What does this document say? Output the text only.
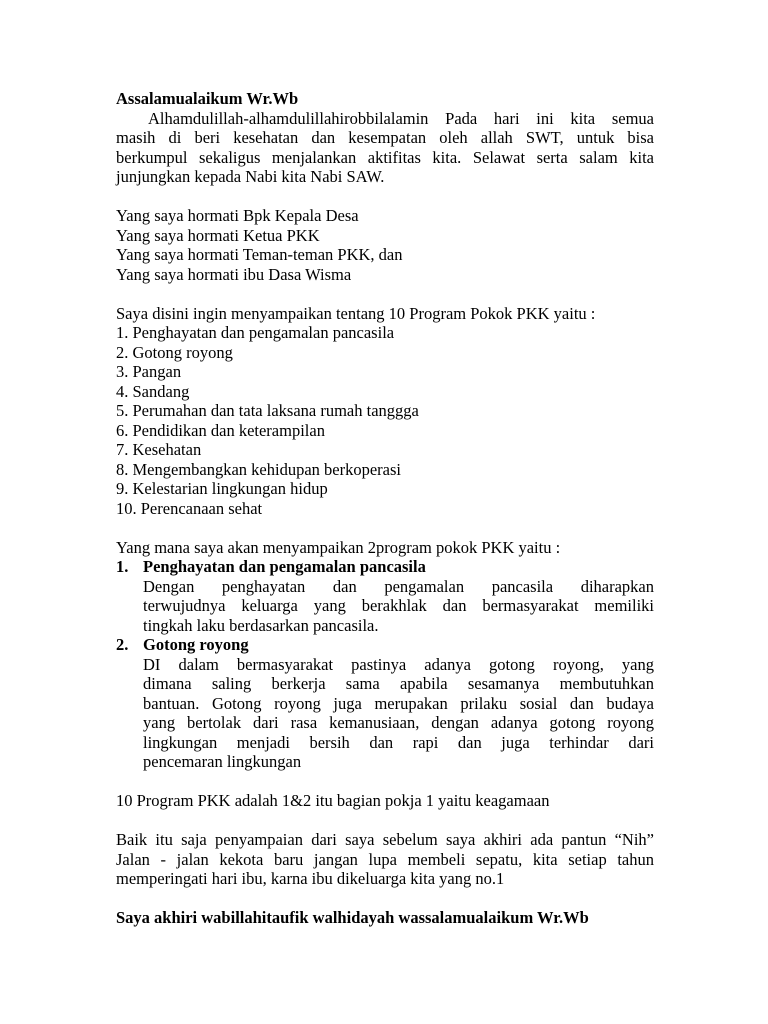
Assalamualaikum Wr.Wb
Alhamdulillah-alhamdulillahirobbilalamin Pada hari ini kita semua
masih di beri kesehatan dan kesempatan oleh allah SWT, untuk bisa
berkumpul sekaligus menjalankan aktifitas kita. Selawat serta salam kita
junjungkan kepada Nabi kita Nabi SAW.
Yang saya hormati Bpk Kepala Desa
Yang saya hormati Ketua PKK
Yang saya hormati Teman-teman PKK, dan
Yang saya hormati ibu Dasa Wisma
Saya disini ingin menyampaikan tentang 10 Program Pokok PKK yaitu :
1. Penghayatan dan pengamalan pancasila
2. Gotong royong
3. Pangan
4. Sandang
5. Perumahan dan tata laksana rumah tanggga
6. Pendidikan dan keterampilan
7. Kesehatan
8. Mengembangkan kehidupan berkoperasi
9. Kelestarian lingkungan hidup
10. Perencanaan sehat
Yang mana saya akan menyampaikan 2program pokok PKK yaitu :
1. Penghayatan dan pengamalan pancasila
Dengan penghayatan dan pengamalan pancasila diharapkan
terwujudnya keluarga yang berakhlak dan bermasyarakat memiliki
tingkah laku berdasarkan pancasila.
2. Gotong royong
DI dalam bermasyarakat pastinya adanya gotong royong, yang
dimana saling berkerja sama apabila sesamanya membutuhkan
bantuan. Gotong royong juga merupakan prilaku sosial dan budaya
yang bertolak dari rasa kemanusiaan, dengan adanya gotong royong
lingkungan menjadi bersih dan rapi dan juga terhindar dari
pencemaran lingkungan
10 Program PKK adalah 1&2 itu bagian pokja 1 yaitu keagamaan
Baik itu saja penyampaian dari saya sebelum saya akhiri ada pantun “Nih”
Jalan - jalan kekota baru jangan lupa membeli sepatu, kita setiap tahun
memperingati hari ibu, karna ibu dikeluarga kita yang no.1
Saya akhiri wabillahitaufik walhidayah wassalamualaikum Wr.Wb
